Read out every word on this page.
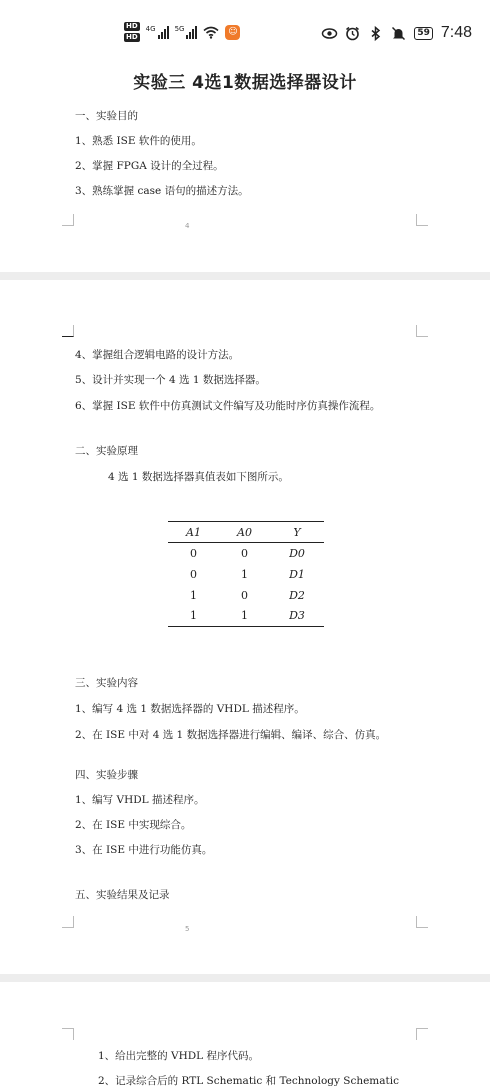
HD
HD
4G	5G	☺	59 7:48
实验三 4选1数据选择器设计
一、实验目的
1、熟悉 ISE 软件的使用。
2、掌握 FPGA 设计的全过程。
3、熟练掌握 case 语句的描述方法。
4
4、掌握组合逻辑电路的设计方法。
5、设计并实现一个 4 选 1 数据选择器。
6、掌握 ISE 软件中仿真测试文件编写及功能时序仿真操作流程。
二、实验原理
4 选 1 数据选择器真值表如下图所示。
A1	A0	Y
0	0	D0
0	1	D1
1	0	D2
1	1	D3
三、实验内容
1、编写 4 选 1 数据选择器的 VHDL 描述程序。
2、在 ISE 中对 4 选 1 数据选择器进行编辑、编译、综合、仿真。
四、实验步骤
1、编写 VHDL 描述程序。
2、在 ISE 中实现综合。
3、在 ISE 中进行功能仿真。
五、实验结果及记录
5
1、给出完整的 VHDL 程序代码。
2、记录综合后的 RTL Schematic 和 Technology Schematic
